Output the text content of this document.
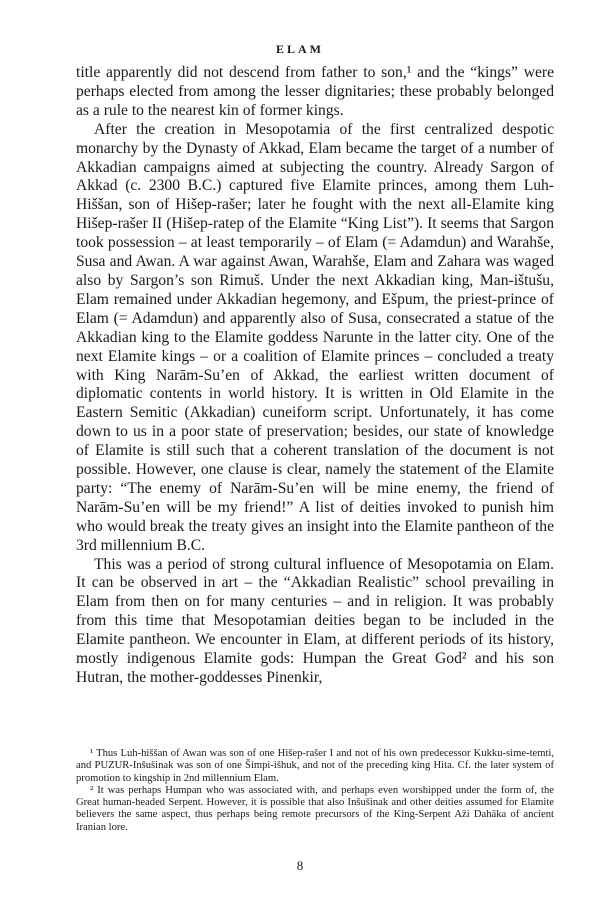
ELAM

title apparently did not descend from father to son,¹ and the “kings” were perhaps elected from among the lesser dignitaries; these probably belonged as a rule to the nearest kin of former kings.

After the creation in Mesopotamia of the first centralized despotic monarchy by the Dynasty of Akkad, Elam became the target of a number of Akkadian campaigns aimed at subjecting the country. Already Sargon of Akkad (c. 2300 B.C.) captured five Elamite princes, among them Luh-Hiššan, son of Hišep-rašer; later he fought with the next all-Elamite king Hišep-rašer II (Hišep-ratep of the Elamite “King List”). It seems that Sargon took possession – at least temporarily – of Elam (= Adamdun) and Warahše, Susa and Awan. A war against Awan, Warahše, Elam and Zahara was waged also by Sargon’s son Rimuš. Under the next Akkadian king, Man-ištušu, Elam remained under Akkadian hegemony, and Ešpum, the priest-prince of Elam (= Adamdun) and apparently also of Susa, consecrated a statue of the Akkadian king to the Elamite goddess Narunte in the latter city. One of the next Elamite kings – or a coalition of Elamite princes – concluded a treaty with King Narām-Su’en of Akkad, the earliest written document of diplomatic contents in world history. It is written in Old Elamite in the Eastern Semitic (Akkadian) cuneiform script. Unfortunately, it has come down to us in a poor state of preservation; besides, our state of knowledge of Elamite is still such that a coherent translation of the document is not possible. However, one clause is clear, namely the statement of the Elamite party: “The enemy of Narām-Su’en will be mine enemy, the friend of Narām-Su’en will be my friend!” A list of deities invoked to punish him who would break the treaty gives an insight into the Elamite pantheon of the 3rd millennium B.C.

This was a period of strong cultural influence of Mesopotamia on Elam. It can be observed in art – the “Akkadian Realistic” school prevailing in Elam from then on for many centuries – and in religion. It was probably from this time that Mesopotamian deities began to be included in the Elamite pantheon. We encounter in Elam, at different periods of its history, mostly indigenous Elamite gods: Humpan the Great God² and his son Hutran, the mother-goddesses Pinenkir,

¹ Thus Luh-hiššan of Awan was son of one Hišep-rašer I and not of his own predecessor Kukku-sime-temti, and PUZUR-Inšušinak was son of one Šimpi-išhuk, and not of the preceding king Hita. Cf. the later system of promotion to kingship in 2nd millennium Elam.

² It was perhaps Humpan who was associated with, and perhaps even worshipped under the form of, the Great human-headed Serpent. However, it is possible that also Inšušinak and other deities assumed for Elamite believers the same aspect, thus perhaps being remote precursors of the King-Serpent Aži Dahāka of ancient Iranian lore.

8
